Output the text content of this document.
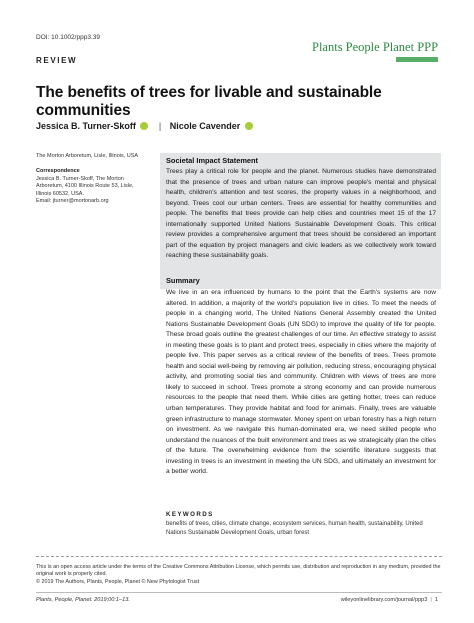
DOI: 10.1002/ppp3.39
REVIEW
Plants People Planet PPP
The benefits of trees for livable and sustainable communities
Jessica B. Turner-Skoff	| Nicole Cavender
The Morton Arboretum, Lisle, Illinois, USA
Correspondence
Jessica B. Turner-Skoff, The Morton
Arboretum, 4100 Illinois Route 53, Lisle,
Illinois 60532, USA.
Email: jturner@mortonarb.org
Societal Impact Statement
Trees play a critical role for people and the planet. Numerous studies have demonstrated that the presence of trees and urban nature can improve people's mental and physical health, children's attention and test scores, the property values in a neighborhood, and beyond. Trees cool our urban centers. Trees are essential for healthy communities and people. The benefits that trees provide can help cities and countries meet 15 of the 17 internationally supported United Nations Sustainable Development Goals. This critical review provides a comprehensive argument that trees should be considered an important part of the equation by project managers and civic leaders as we collectively work toward reaching these sustainability goals.
Summary
We live in an era influenced by humans to the point that the Earth's systems are now altered. In addition, a majority of the world's population live in cities. To meet the needs of people in a changing world, The United Nations General Assembly created the United Nations Sustainable Development Goals (UN SDG) to improve the quality of life for people. These broad goals outline the greatest challenges of our time. An effective strategy to assist in meeting these goals is to plant and protect trees, especially in cities where the majority of people live. This paper serves as a critical review of the benefits of trees. Trees promote health and social well-being by removing air pollution, reducing stress, encouraging physical activity, and promoting social ties and community. Children with views of trees are more likely to succeed in school. Trees promote a strong economy and can provide numerous resources to the people that need them. While cities are getting hotter, trees can reduce urban temperatures. They provide habitat and food for animals. Finally, trees are valuable green infrastructure to manage stormwater. Money spent on urban forestry has a high return on investment. As we navigate this human-dominated era, we need skilled people who understand the nuances of the built environment and trees as we strategically plan the cities of the future. The overwhelming evidence from the scientific literature suggests that investing in trees is an investment in meeting the UN SDG, and ultimately an investment for a better world.
KEYWORDS
benefits of trees, cities, climate change, ecosystem services, human health, sustainability, United Nations Sustainable Development Goals, urban forest
This is an open access article under the terms of the Creative Commons Attribution License, which permits use, distribution and reproduction in any medium, provided the original work is properly cited.
© 2019 The Authors, Plants, People, Planet © New Phytologist Trust
Plants, People, Planet. 2019;00:1–13.	wileyonlinelibrary.com/journal/ppp3 | 1
